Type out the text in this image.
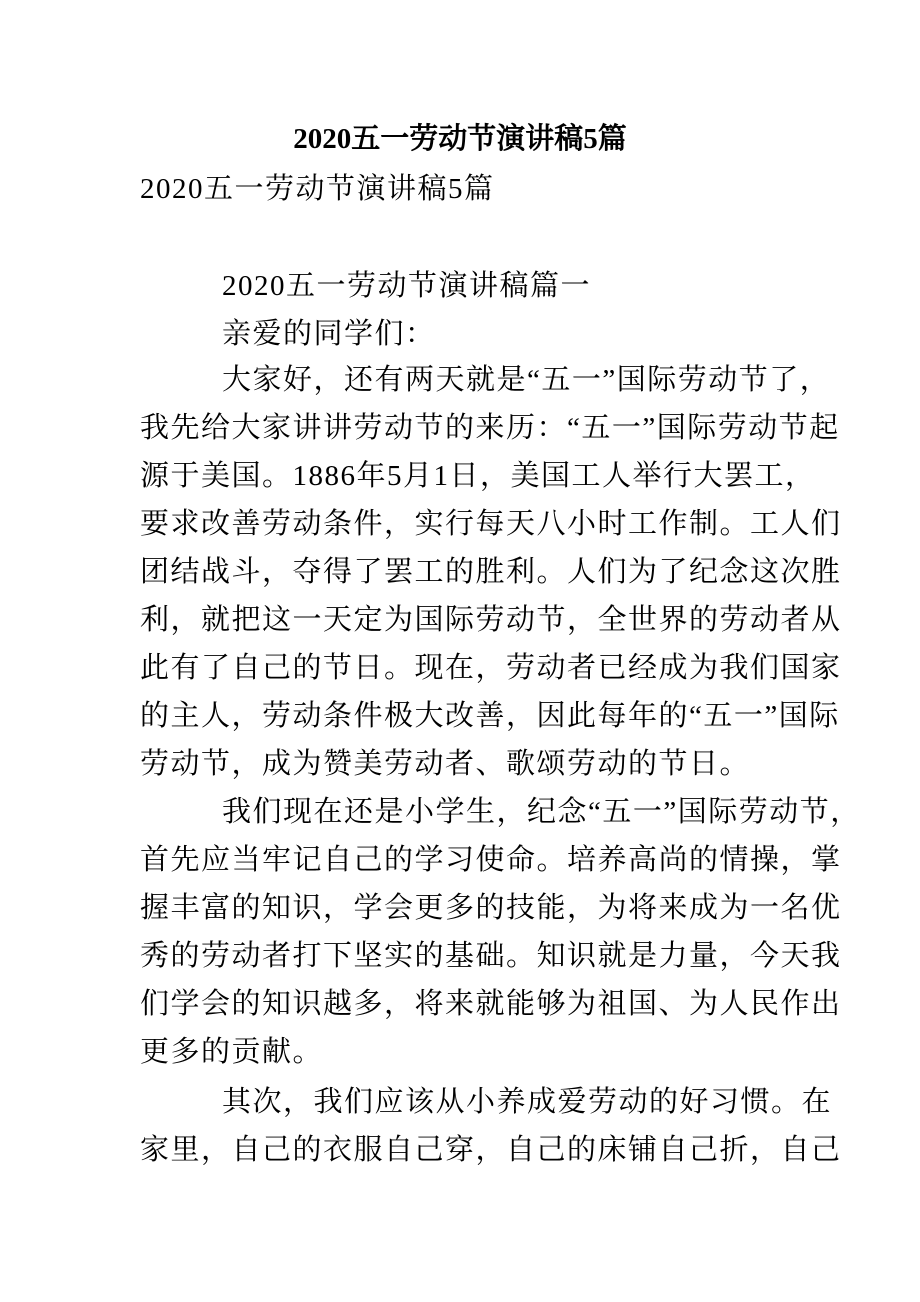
2020五一劳动节演讲稿5篇
2020五一劳动节演讲稿5篇
2020五一劳动节演讲稿篇一
亲爱的同学们：
大家好，还有两天就是“五一”国际劳动节了，
我先给大家讲讲劳动节的来历：“五一”国际劳动节起
源于美国。1886年5月1日，美国工人举行大罢工，
要求改善劳动条件，实行每天八小时工作制。工人们
团结战斗，夺得了罢工的胜利。人们为了纪念这次胜
利，就把这一天定为国际劳动节，全世界的劳动者从
此有了自己的节日。现在，劳动者已经成为我们国家
的主人，劳动条件极大改善，因此每年的“五一”国际
劳动节，成为赞美劳动者、歌颂劳动的节日。
我们现在还是小学生，纪念“五一”国际劳动节，
首先应当牢记自己的学习使命。培养高尚的情操，掌
握丰富的知识，学会更多的技能，为将来成为一名优
秀的劳动者打下坚实的基础。知识就是力量，今天我
们学会的知识越多，将来就能够为祖国、为人民作出
更多的贡献。
其次，我们应该从小养成爱劳动的好习惯。在
家里，自己的衣服自己穿，自己的床铺自己折，自己
